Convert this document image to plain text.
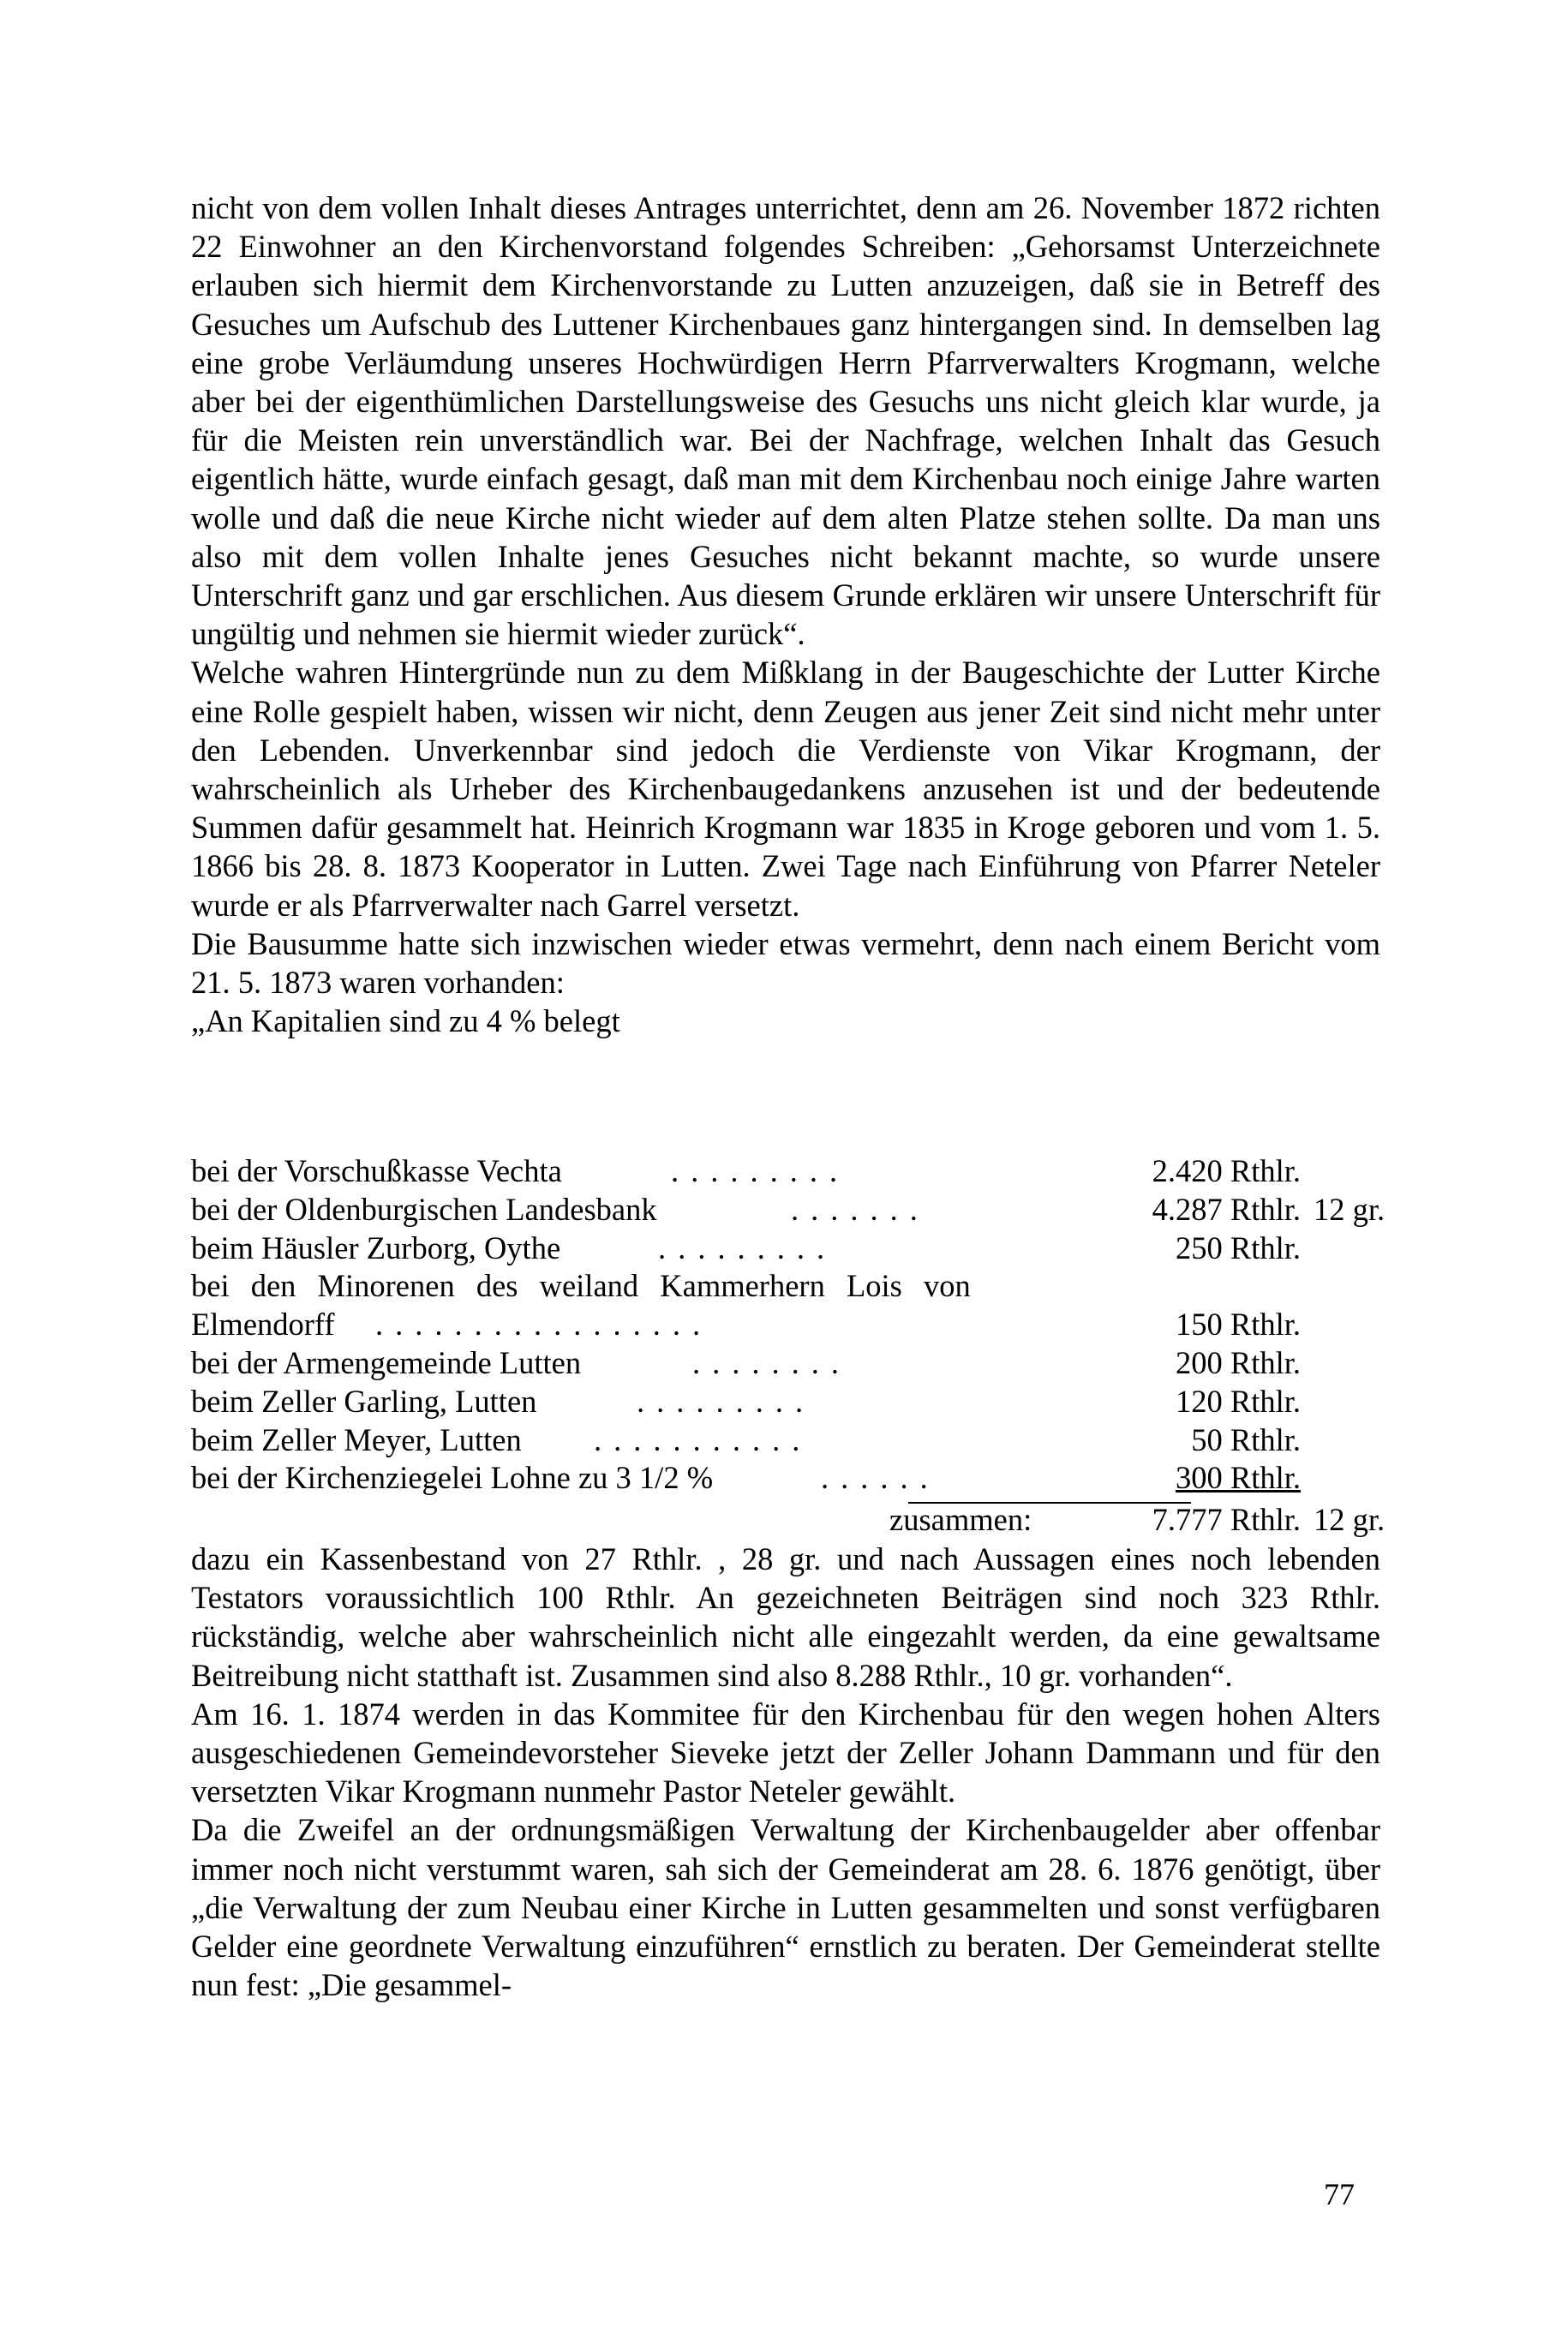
nicht von dem vollen Inhalt dieses Antrages unterrichtet, denn am 26. November 1872 richten 22 Einwohner an den Kirchenvorstand folgendes Schreiben: „Gehorsamst Unterzeichnete erlauben sich hiermit dem Kirchenvorstande zu Lutten anzuzeigen, daß sie in Betreff des Gesuches um Aufschub des Luttener Kirchenbaues ganz hintergangen sind. In demselben lag eine grobe Verläumdung unseres Hochwürdigen Herrn Pfarrverwalters Krogmann, welche aber bei der eigenthümlichen Darstellungsweise des Gesuchs uns nicht gleich klar wurde, ja für die Meisten rein unverständlich war. Bei der Nachfrage, welchen Inhalt das Gesuch eigentlich hätte, wurde einfach gesagt, daß man mit dem Kirchenbau noch einige Jahre warten wolle und daß die neue Kirche nicht wieder auf dem alten Platze stehen sollte. Da man uns also mit dem vollen Inhalte jenes Gesuches nicht bekannt machte, so wurde unsere Unterschrift ganz und gar erschlichen. Aus diesem Grunde erklären wir unsere Unterschrift für ungültig und nehmen sie hiermit wieder zurück“.

Welche wahren Hintergründe nun zu dem Mißklang in der Baugeschichte der Lutter Kirche eine Rolle gespielt haben, wissen wir nicht, denn Zeugen aus jener Zeit sind nicht mehr unter den Lebenden. Unverkennbar sind jedoch die Verdienste von Vikar Krogmann, der wahrscheinlich als Urheber des Kirchenbaugedankens anzusehen ist und der bedeutende Summen dafür gesammelt hat. Heinrich Krogmann war 1835 in Kroge geboren und vom 1. 5. 1866 bis 28. 8. 1873 Kooperator in Lutten. Zwei Tage nach Einführung von Pfarrer Neteler wurde er als Pfarrverwalter nach Garrel versetzt.

Die Bausumme hatte sich inzwischen wieder etwas vermehrt, denn nach einem Bericht vom 21. 5. 1873 waren vorhanden:

„An Kapitalien sind zu 4 % belegt

bei der Vorschußkasse Vechta	.........	2.420 Rthlr.
bei der Oldenburgischen Landesbank	.......	4.287 Rthlr. 12 gr.
beim Häusler Zurborg, Oythe	.........	250 Rthlr.
bei den Minorenen des weiland Kammerhern Lois von
Elmendorff .................	150 Rthlr.
bei der Armengemeinde Lutten	........	200 Rthlr.
beim Zeller Garling, Lutten	.........	120 Rthlr.
beim Zeller Meyer, Lutten ...........	50 Rthlr.
bei der Kirchenziegelei Lohne zu 3 1/2 %	......	300 Rthlr.
zusammen:	7.777 Rthlr. 12 gr.

dazu ein Kassenbestand von 27 Rthlr. , 28 gr. und nach Aussagen eines noch lebenden Testators voraussichtlich 100 Rthlr. An gezeichneten Beiträgen sind noch 323 Rthlr. rückständig, welche aber wahrscheinlich nicht alle eingezahlt werden, da eine gewaltsame Beitreibung nicht statthaft ist. Zusammen sind also 8.288 Rthlr., 10 gr. vorhanden“.

Am 16. 1. 1874 werden in das Kommitee für den Kirchenbau für den wegen hohen Alters ausgeschiedenen Gemeindevorsteher Sieveke jetzt der Zeller Johann Dammann und für den versetzten Vikar Krogmann nunmehr Pastor Neteler gewählt.

Da die Zweifel an der ordnungsmäßigen Verwaltung der Kirchenbaugelder aber offenbar immer noch nicht verstummt waren, sah sich der Gemeinderat am 28. 6. 1876 genötigt, über „die Verwaltung der zum Neubau einer Kirche in Lutten gesammelten und sonst verfügbaren Gelder eine geordnete Verwaltung einzuführen“ ernstlich zu beraten. Der Gemeinderat stellte nun fest: „Die gesammel-

77
